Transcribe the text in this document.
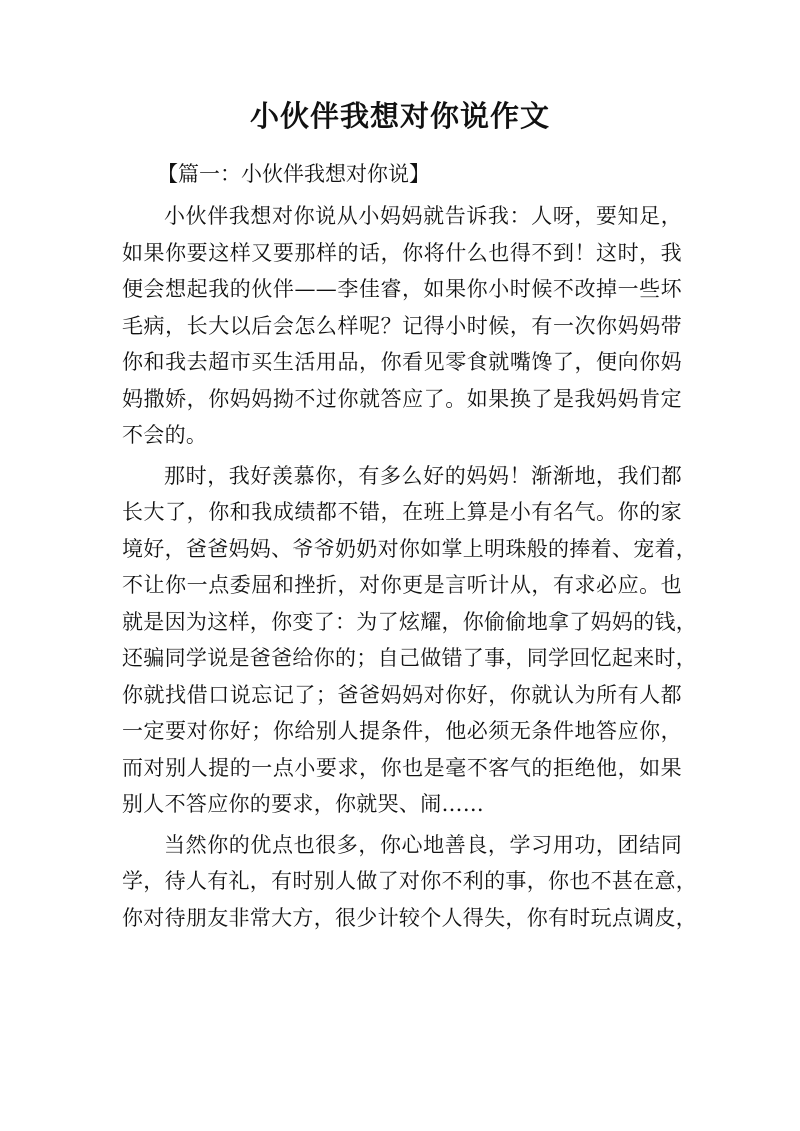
小伙伴我想对你说作文
【篇一：小伙伴我想对你说】
小伙伴我想对你说从小妈妈就告诉我：人呀，要知足，
如果你要这样又要那样的话，你将什么也得不到！这时，我
便会想起我的伙伴——李佳睿，如果你小时候不改掉一些坏
毛病，长大以后会怎么样呢？记得小时候，有一次你妈妈带
你和我去超市买生活用品，你看见零食就嘴馋了，便向你妈
妈撒娇，你妈妈拗不过你就答应了。如果换了是我妈妈肯定
不会的。
那时，我好羡慕你，有多么好的妈妈！渐渐地，我们都
长大了，你和我成绩都不错，在班上算是小有名气。你的家
境好，爸爸妈妈、爷爷奶奶对你如掌上明珠般的捧着、宠着，
不让你一点委屈和挫折，对你更是言听计从，有求必应。也
就是因为这样，你变了：为了炫耀，你偷偷地拿了妈妈的钱，
还骗同学说是爸爸给你的；自己做错了事，同学回忆起来时，
你就找借口说忘记了；爸爸妈妈对你好，你就认为所有人都
一定要对你好；你给别人提条件，他必须无条件地答应你，
而对别人提的一点小要求，你也是毫不客气的拒绝他，如果
别人不答应你的要求，你就哭、闹……
当然你的优点也很多，你心地善良，学习用功，团结同
学，待人有礼，有时别人做了对你不利的事，你也不甚在意，
你对待朋友非常大方，很少计较个人得失，你有时玩点调皮，
